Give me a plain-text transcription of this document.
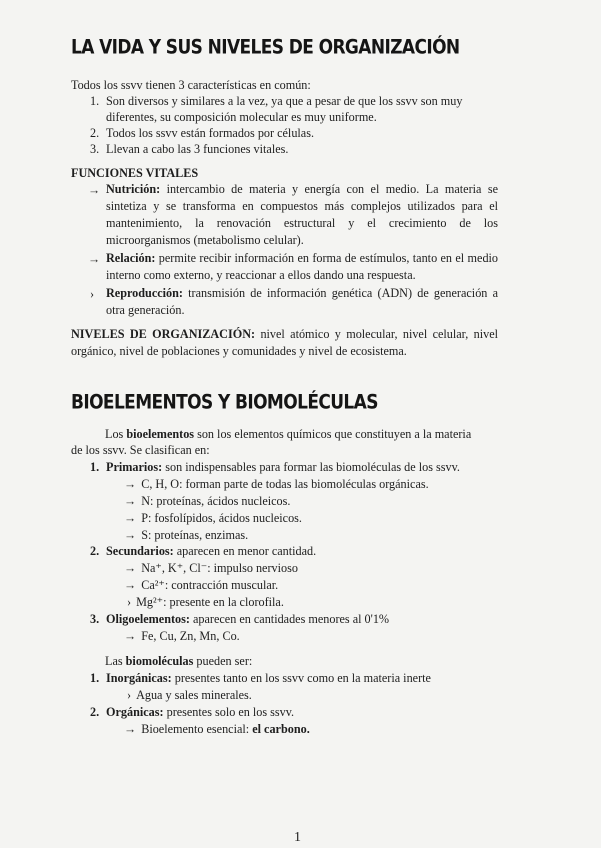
LA VIDA Y SUS NIVELES DE ORGANIZACIÓN
Todos los ssvv tienen 3 características en común:
1. Son diversos y similares a la vez, ya que a pesar de que los ssvv son muy
diferentes, su composición molecular es muy uniforme.
2. Todos los ssvv están formados por células.
3. Llevan a cabo las 3 funciones vitales.
FUNCIONES VITALES
→ Nutrición: intercambio de materia y energía con el medio. La materia se sintetiza y se transforma en compuestos más complejos utilizados para el mantenimiento, la renovación estructural y el crecimiento de los microorganismos (metabolismo celular).
→ Relación: permite recibir información en forma de estímulos, tanto en el medio interno como externo, y reaccionar a ellos dando una respuesta.
› Reproducción: transmisión de información genética (ADN) de generación a otra generación.
NIVELES DE ORGANIZACIÓN: nivel atómico y molecular, nivel celular, nivel orgánico, nivel de poblaciones y comunidades y nivel de ecosistema.
BIOELEMENTOS Y BIOMOLÉCULAS
Los bioelementos son los elementos químicos que constituyen a la materia
de los ssvv. Se clasifican en:
1. Primarios: son indispensables para formar las biomoléculas de los ssvv.
→ C, H, O: forman parte de todas las biomoléculas orgánicas.
→ N: proteínas, ácidos nucleicos.
→ P: fosfolípidos, ácidos nucleicos.
→ S: proteínas, enzimas.
2. Secundarios: aparecen en menor cantidad.
→ Na⁺, K⁺, Cl⁻: impulso nervioso
→ Ca²⁺: contracción muscular.
› Mg²⁺: presente en la clorofila.
3. Oligoelementos: aparecen en cantidades menores al 0'1%
→ Fe, Cu, Zn, Mn, Co.
Las biomoléculas pueden ser:
1. Inorgánicas: presentes tanto en los ssvv como en la materia inerte
› Agua y sales minerales.
2. Orgánicas: presentes solo en los ssvv.
→ Bioelemento esencial: el carbono.
1
